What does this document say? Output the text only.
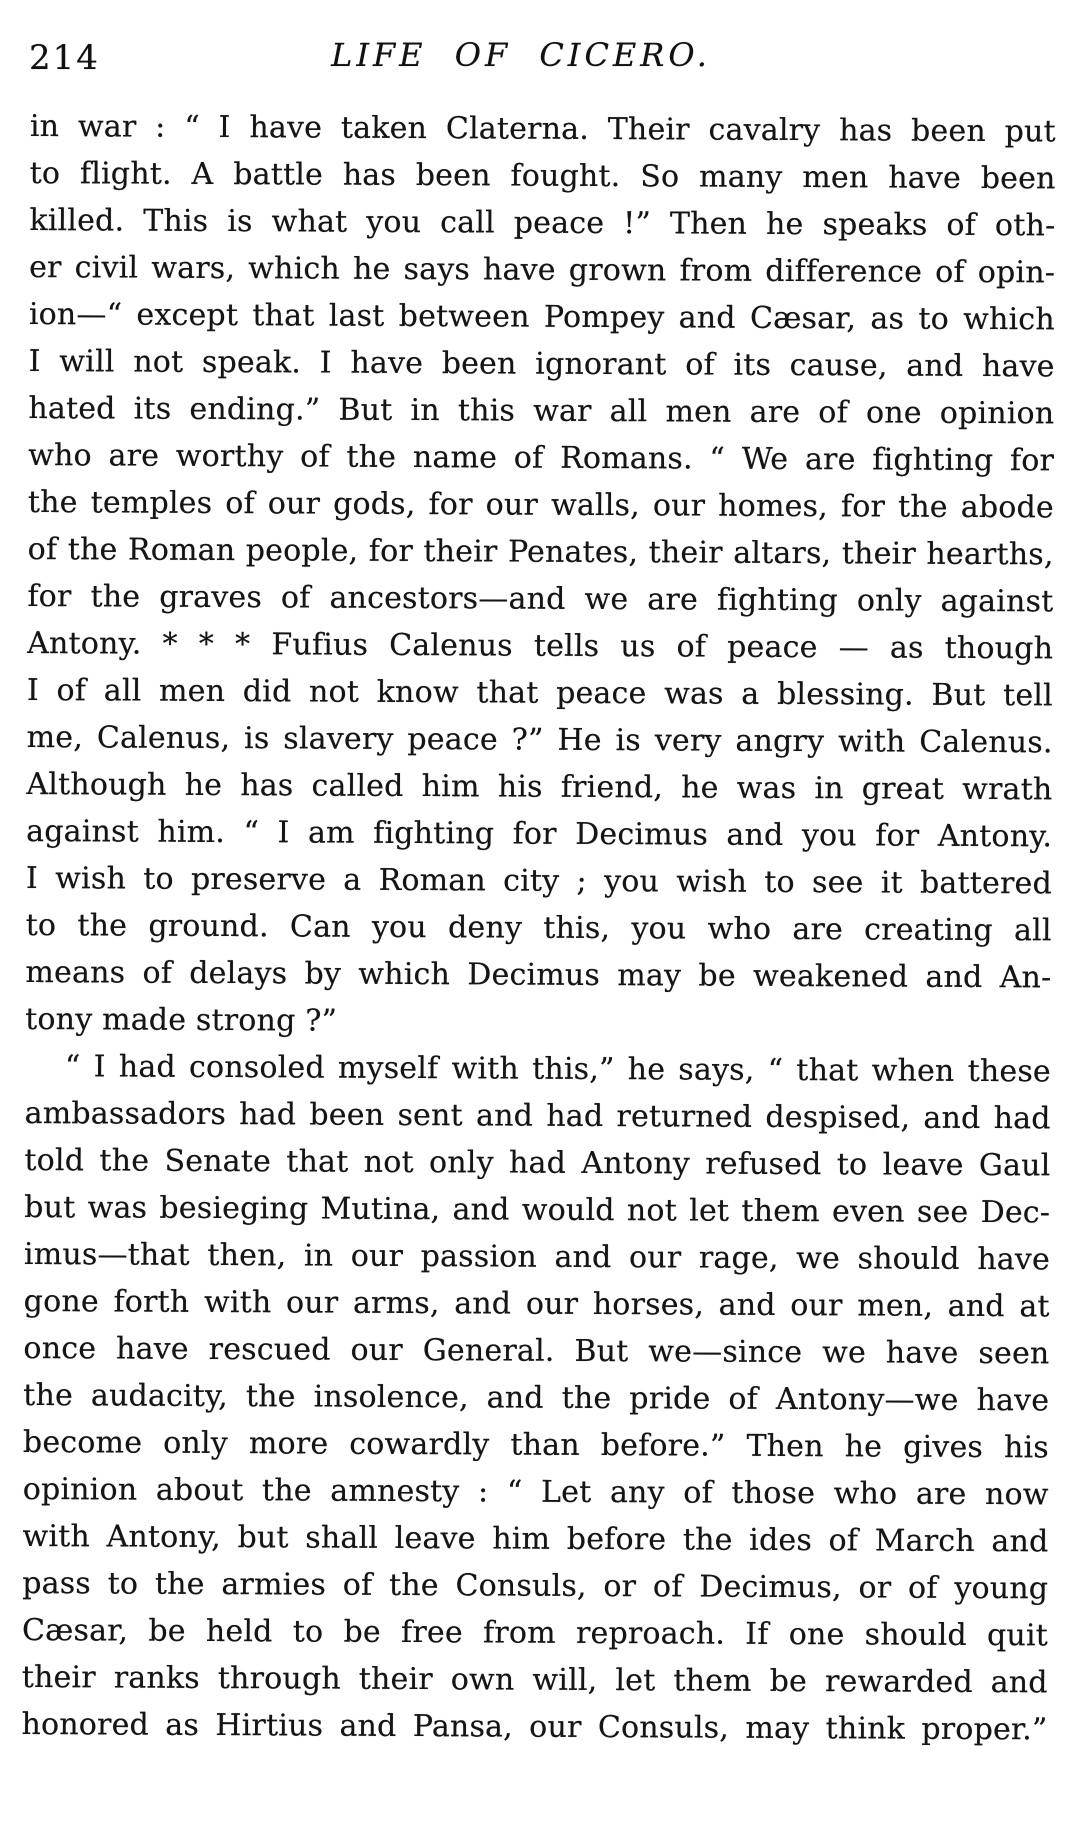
214	LIFE OF CICERO.
in war : “ I have taken Claterna. Their cavalry has been put
to flight. A battle has been fought. So many men have been
killed. This is what you call peace !” Then he speaks of oth-
er civil wars, which he says have grown from difference of opin-
ion—“ except that last between Pompey and Cæsar, as to which
I will not speak. I have been ignorant of its cause, and have
hated its ending.” But in this war all men are of one opinion
who are worthy of the name of Romans. “ We are fighting for
the temples of our gods, for our walls, our homes, for the abode
of the Roman people, for their Penates, their altars, their hearths,
for the graves of ancestors—and we are fighting only against
Antony. * * * Fufius Calenus tells us of peace — as though
I of all men did not know that peace was a blessing. But tell
me, Calenus, is slavery peace ?” He is very angry with Calenus.
Although he has called him his friend, he was in great wrath
against him. “ I am fighting for Decimus and you for Antony.
I wish to preserve a Roman city ; you wish to see it battered
to the ground. Can you deny this, you who are creating all
means of delays by which Decimus may be weakened and An-
tony made strong ?”
“ I had consoled myself with this,” he says, “ that when these
ambassadors had been sent and had returned despised, and had
told the Senate that not only had Antony refused to leave Gaul
but was besieging Mutina, and would not let them even see Dec-
imus—that then, in our passion and our rage, we should have
gone forth with our arms, and our horses, and our men, and at
once have rescued our General. But we—since we have seen
the audacity, the insolence, and the pride of Antony—we have
become only more cowardly than before.” Then he gives his
opinion about the amnesty : “ Let any of those who are now
with Antony, but shall leave him before the ides of March and
pass to the armies of the Consuls, or of Decimus, or of young
Cæsar, be held to be free from reproach. If one should quit
their ranks through their own will, let them be rewarded and
honored as Hirtius and Pansa, our Consuls, may think proper.”
